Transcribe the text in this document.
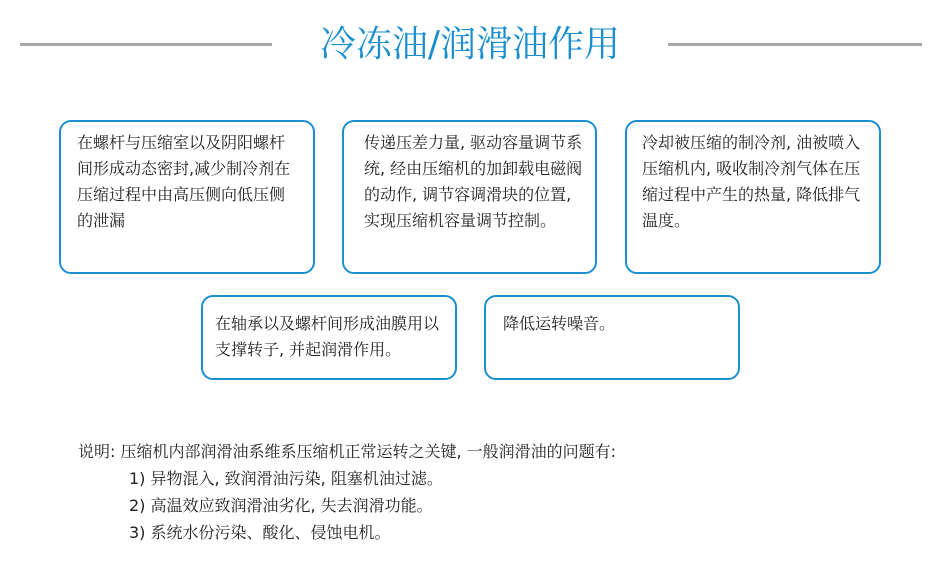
冷冻油/润滑油作用
在螺杆与压缩室以及阴阳螺杆间形成动态密封,减少制冷剂在压缩过程中由高压侧向低压侧的泄漏
传递压差力量, 驱动容量调节系统, 经由压缩机的加卸载电磁阀的动作, 调节容调滑块的位置, 实现压缩机容量调节控制。
冷却被压缩的制冷剂, 油被喷入压缩机内, 吸收制冷剂气体在压缩过程中产生的热量, 降低排气温度。
在轴承以及螺杆间形成油膜用以支撑转子, 并起润滑作用。
降低运转噪音。
说明: 压缩机内部润滑油系维系压缩机正常运转之关键, 一般润滑油的问题有:
1) 异物混入, 致润滑油污染, 阻塞机油过滤。
2) 高温效应致润滑油劣化, 失去润滑功能。
3) 系统水份污染、酸化、侵蚀电机。
